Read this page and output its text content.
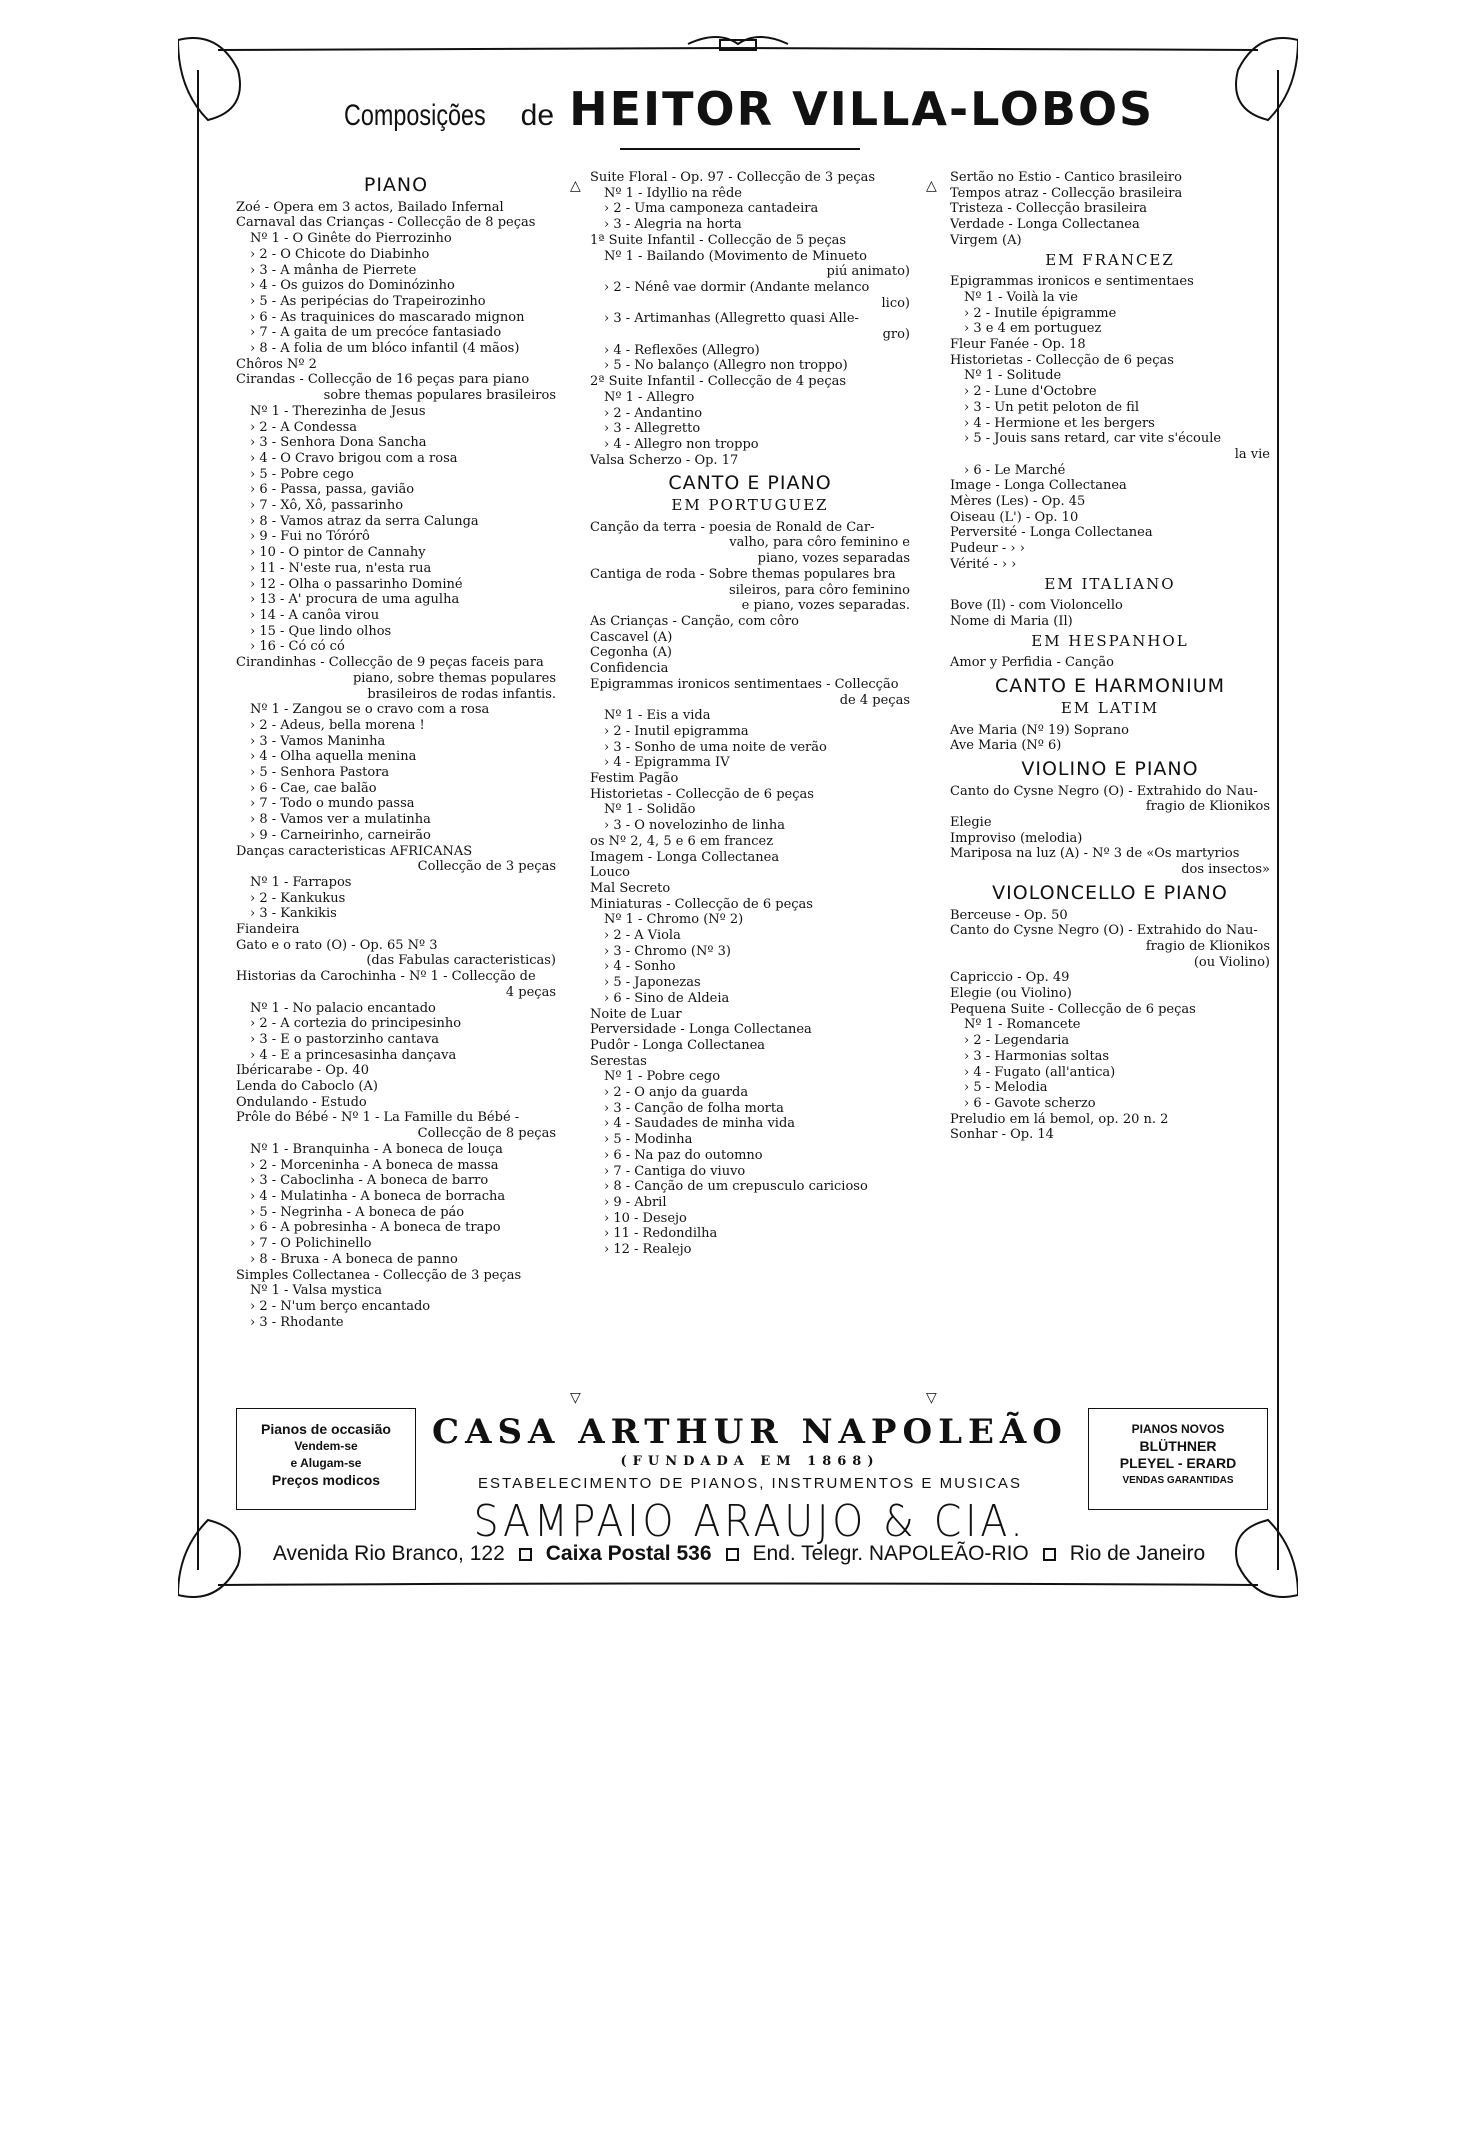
Composições de HEITOR VILLA-LOBOS
PIANO
Zoé - Opera em 3 actos, Bailado Infernal
Carnaval das Crianças - Collecção de 8 peças
Nº 1 - O Ginête do Pierrozinho
› 2 - O Chicote do Diabinho
› 3 - A mânha de Pierrete
› 4 - Os guizos do Dominózinho
› 5 - As peripécias do Trapeirozinho
› 6 - As traquinices do mascarado mignon
› 7 - A gaita de um precóce fantasiado
› 8 - A folia de um blóco infantil (4 mãos)
Chôros Nº 2
Cirandas - Collecção de 16 peças para piano
sobre themas populares brasileiros
Nº 1 - Therezinha de Jesus
› 2 - A Condessa
› 3 - Senhora Dona Sancha
› 4 - O Cravo brigou com a rosa
› 5 - Pobre cego
› 6 - Passa, passa, gavião
› 7 - Xô, Xô, passarinho
› 8 - Vamos atraz da serra Calunga
› 9 - Fui no Tórórô
› 10 - O pintor de Cannahy
› 11 - N'este rua, n'esta rua
› 12 - Olha o passarinho Dominé
› 13 - A' procura de uma agulha
› 14 - A canôa virou
› 15 - Que lindo olhos
› 16 - Có có có
Cirandinhas - Collecção de 9 peças faceis para
piano, sobre themas populares
brasileiros de rodas infantis.
Nº 1 - Zangou se o cravo com a rosa
› 2 - Adeus, bella morena !
› 3 - Vamos Maninha
› 4 - Olha aquella menina
› 5 - Senhora Pastora
› 6 - Cae, cae balão
› 7 - Todo o mundo passa
› 8 - Vamos ver a mulatinha
› 9 - Carneirinho, carneirão
Danças caracteristicas AFRICANAS
Collecção de 3 peças
Nº 1 - Farrapos
› 2 - Kankukus
› 3 - Kankikis
Fiandeira
Gato e o rato (O) - Op. 65 Nº 3
(das Fabulas caracteristicas)
Historias da Carochinha - Nº 1 - Collecção de
4 peças
Nº 1 - No palacio encantado
› 2 - A cortezia do principesinho
› 3 - E o pastorzinho cantava
› 4 - E a princesasinha dançava
Ibéricarabe - Op. 40
Lenda do Caboclo (A)
Ondulando - Estudo
Prôle do Bébé - Nº 1 - La Famille du Bébé -
Collecção de 8 peças
Nº 1 - Branquinha - A boneca de louça
› 2 - Morceninha - A boneca de massa
› 3 - Caboclinha - A boneca de barro
› 4 - Mulatinha - A boneca de borracha
› 5 - Negrinha - A boneca de páo
› 6 - A pobresinha - A boneca de trapo
› 7 - O Polichinello
› 8 - Bruxa - A boneca de panno
Simples Collectanea - Collecção de 3 peças
Nº 1 - Valsa mystica
› 2 - N'um berço encantado
› 3 - Rhodante
Suite Floral - Op. 97 - Collecção de 3 peças
Nº 1 - Idyllio na rêde
› 2 - Uma camponeza cantadeira
› 3 - Alegria na horta
1ª Suite Infantil - Collecção de 5 peças
Nº 1 - Bailando (Movimento de Minueto
piú animato)
› 2 - Nénê vae dormir (Andante melanco
lico)
› 3 - Artimanhas (Allegretto quasi Alle-
gro)
› 4 - Reflexões (Allegro)
› 5 - No balanço (Allegro non troppo)
2ª Suite Infantil - Collecção de 4 peças
Nº 1 - Allegro
› 2 - Andantino
› 3 - Allegretto
› 4 - Allegro non troppo
Valsa Scherzo - Op. 17
CANTO E PIANO
EM PORTUGUEZ
Canção da terra - poesia de Ronald de Car-
valho, para côro feminino e
piano, vozes separadas
Cantiga de roda - Sobre themas populares bra
sileiros, para côro feminino
e piano, vozes separadas.
As Crianças - Canção, com côro
Cascavel (A)
Cegonha (A)
Confidencia
Epigrammas ironicos sentimentaes - Collecção
de 4 peças
Nº 1 - Eis a vida
› 2 - Inutil epigramma
› 3 - Sonho de uma noite de verão
› 4 - Epigramma IV
Festim Pagão
Historietas - Collecção de 6 peças
Nº 1 - Solidão
› 3 - O novelozinho de linha
os Nº 2, 4, 5 e 6 em francez
Imagem - Longa Collectanea
Louco
Mal Secreto
Miniaturas - Collecção de 6 peças
Nº 1 - Chromo (Nº 2)
› 2 - A Viola
› 3 - Chromo (Nº 3)
› 4 - Sonho
› 5 - Japonezas
› 6 - Sino de Aldeia
Noite de Luar
Perversidade - Longa Collectanea
Pudôr - Longa Collectanea
Serestas
Nº 1 - Pobre cego
› 2 - O anjo da guarda
› 3 - Canção de folha morta
› 4 - Saudades de minha vida
› 5 - Modinha
› 6 - Na paz do outomno
› 7 - Cantiga do viuvo
› 8 - Canção de um crepusculo caricioso
› 9 - Abril
› 10 - Desejo
› 11 - Redondilha
› 12 - Realejo
Sertão no Estio - Cantico brasileiro
Tempos atraz - Collecção brasileira
Tristeza - Collecção brasileira
Verdade - Longa Collectanea
Virgem (A)
EM FRANCEZ
Epigrammas ironicos e sentimentaes
Nº 1 - Voilà la vie
› 2 - Inutile épigramme
› 3 e 4 em portuguez
Fleur Fanée - Op. 18
Historietas - Collecção de 6 peças
Nº 1 - Solitude
› 2 - Lune d'Octobre
› 3 - Un petit peloton de fil
› 4 - Hermione et les bergers
› 5 - Jouis sans retard, car vite s'écoule
la vie
› 6 - Le Marché
Image - Longa Collectanea
Mères (Les) - Op. 45
Oiseau (L') - Op. 10
Perversité - Longa Collectanea
Pudeur - › ›
Vérité - › ›
EM ITALIANO
Bove (Il) - com Violoncello
Nome di Maria (Il)
EM HESPANHOL
Amor y Perfidia - Canção
CANTO E HARMONIUM
EM LATIM
Ave Maria (Nº 19) Soprano
Ave Maria (Nº 6)
VIOLINO E PIANO
Canto do Cysne Negro (O) - Extrahido do Nau-
fragio de Klionikos
Elegie
Improviso (melodia)
Mariposa na luz (A) - Nº 3 de «Os martyrios
dos insectos»
VIOLONCELLO E PIANO
Berceuse - Op. 50
Canto do Cysne Negro (O) - Extrahido do Nau-
fragio de Klionikos
(ou Violino)
Capriccio - Op. 49
Elegie (ou Violino)
Pequena Suite - Collecção de 6 peças
Nº 1 - Romancete
› 2 - Legendaria
› 3 - Harmonias soltas
› 4 - Fugato (all'antica)
› 5 - Melodia
› 6 - Gavote scherzo
Preludio em lá bemol, op. 20 n. 2
Sonhar - Op. 14
△	△
▽	▽
Pianos de occasião
Vendem-se
e Alugam-se
Preços modicos
CASA ARTHUR NAPOLEÃO
(FUNDADA EM 1868)
ESTABELECIMENTO DE PIANOS, INSTRUMENTOS E MUSICAS
SAMPAIO ARAUJO & CIA.
PIANOS NOVOS
BLÜTHNER
PLEYEL - ERARD
VENDAS GARANTIDAS
Avenida Rio Branco, 122 Caixa Postal 536 End. Telegr. NAPOLEÃO-RIO Rio de Janeiro
